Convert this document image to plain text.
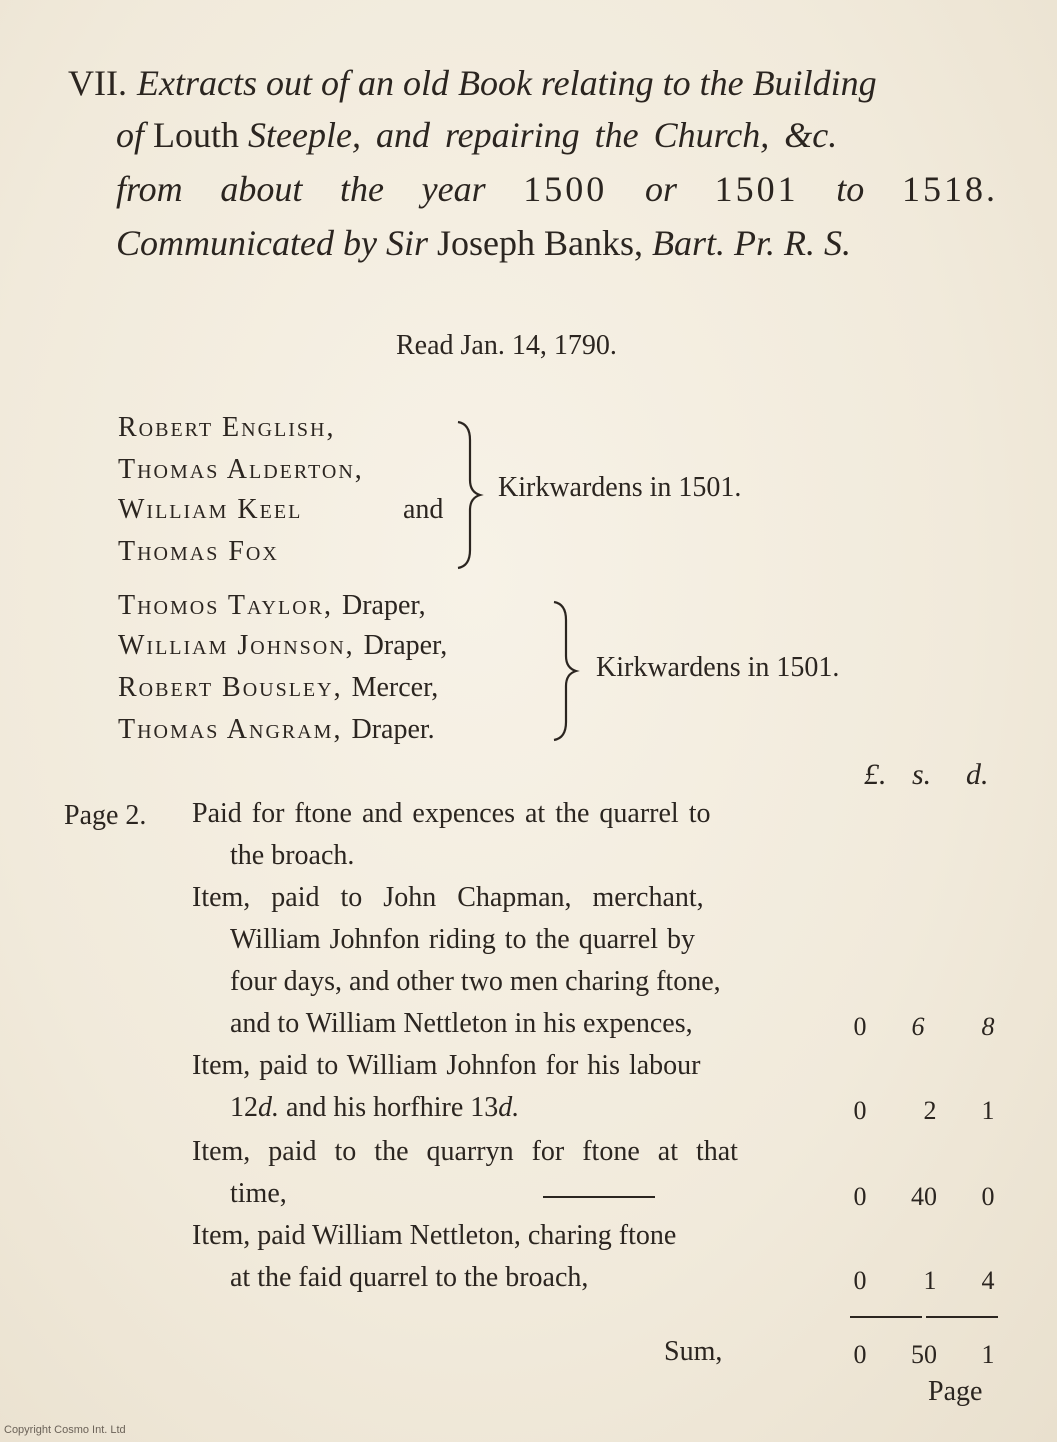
VII. Extracts out of an old Book relating to the Building
of Louth Steeple, and repairing the Church, &c.
from about the year 1500 or 1501 to 1518.
Communicated by Sir Joseph Banks, Bart. Pr. R. S.
Read Jan. 14, 1790.
Robert English,
Thomas Alderton,
William Keel	and
Thomas Fox
Kirkwardens in 1501.
Thomos Taylor, Draper,
William Johnson, Draper,
Robert Bousley, Mercer,
Thomas Angram, Draper.
Kirkwardens in 1501.
£. s. d.
Page 2. Paid for ftone and expences at the quarrel to
the broach.
Item, paid to John Chapman, merchant,
William Johnfon riding to the quarrel by
four days, and other two men charing ftone,
and to William Nettleton in his expences,	0	6	8
Item, paid to William Johnfon for his labour
12d. and his horfhire 13d.	0	2	1
Item, paid to the quarryn for ftone at that
time,	0	40	0
Item, paid William Nettleton, charing ftone
at the faid quarrel to the broach,	0	1	4
Sum,	0	50	1
Page
Copyright Cosmo Int. Ltd
